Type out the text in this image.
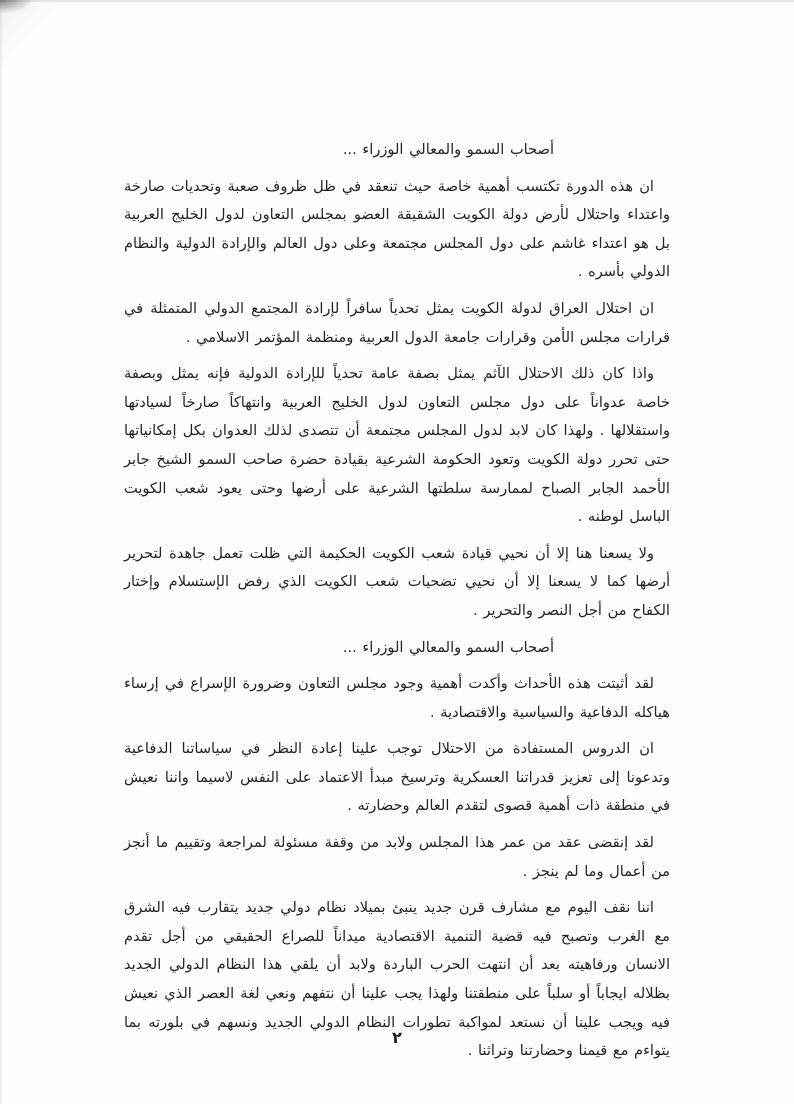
أصحاب السمو والمعالي الوزراء ...

ان هذه الدورة تكتسب أهمية خاصة حيث تنعقد في ظل ظروف صعبة وتحديات صارخة واعتداء واحتلال لأرض دولة الكويت الشقيقة العضو بمجلس التعاون لدول الخليج العربية بل هو اعتداء غاشم على دول المجلس مجتمعة وعلى دول العالم والإرادة الدولية والنظام الدولي بأسره .

ان احتلال العراق لدولة الكويت يمثل تحدياً سافراً لإرادة المجتمع الدولي المتمثلة في قرارات مجلس الأمن وقرارات جامعة الدول العربية ومنظمة المؤتمر الاسلامي .

واذا كان ذلك الاحتلال الآثم يمثل بصفة عامة تحدياً للإرادة الدولية فإنه يمثل وبصفة خاصة عدواناً على دول مجلس التعاون لدول الخليج العربية وانتهاكاً صارخاً لسيادتها واستقلالها . ولهذا كان لابد لدول المجلس مجتمعة أن تتصدى لذلك العدوان بكل إمكانياتها حتى تحرر دولة الكويت وتعود الحكومة الشرعية بقيادة حضرة صاحب السمو الشيخ جابر الأحمد الجابر الصباح لممارسة سلطتها الشرعية على أرضها وحتى يعود شعب الكويت الباسل لوطنه .

ولا يسعنا هنا إلا أن نحيي قيادة شعب الكويت الحكيمة التي ظلت تعمل جاهدة لتحرير أرضها كما لا يسعنا إلا أن نحيي تضحيات شعب الكويت الذي رفض الإستسلام وإختار الكفاح من أجل النصر والتحرير .

أصحاب السمو والمعالي الوزراء ...

لقد أثبتت هذه الأحداث وأكدت أهمية وجود مجلس التعاون وضرورة الإسراع في إرساء هياكله الدفاعية والسياسية والاقتصادية .

ان الدروس المستفادة من الاحتلال توجب علينا إعادة النظر في سياساتنا الدفاعية وتدعونا إلى تعزيز قدراتنا العسكرية وترسيخ مبدأ الاعتماد على النفس لاسيما واننا نعيش في منطقة ذات أهمية قصوى لتقدم العالم وحضارته .

لقد إنقضى عقد من عمر هذا المجلس ولابد من وقفة مسئولة لمراجعة وتقييم ما أنجز من أعمال وما لم ينجز .

اننا نقف اليوم مع مشارف قرن جديد ينبئ بميلاد نظام دولي جديد يتقارب فيه الشرق مع الغرب وتصبح فيه قضية التنمية الاقتصادية ميداناً للصراع الحقيقي من أجل تقدم الانسان ورفاهيته بعد أن انتهت الحرب الباردة ولابد أن يلقي هذا النظام الدولي الجديد بظلاله ايجاباً أو سلباً على منطقتنا ولهذا يجب علينا أن نتفهم ونعي لغة العصر الذي نعيش فيه ويجب علينا أن نستعد لمواكبة تطورات النظام الدولي الجديد ونسهم في بلورته بما يتواءم مع قيمنا وحضارتنا وتراثنا .

٢
